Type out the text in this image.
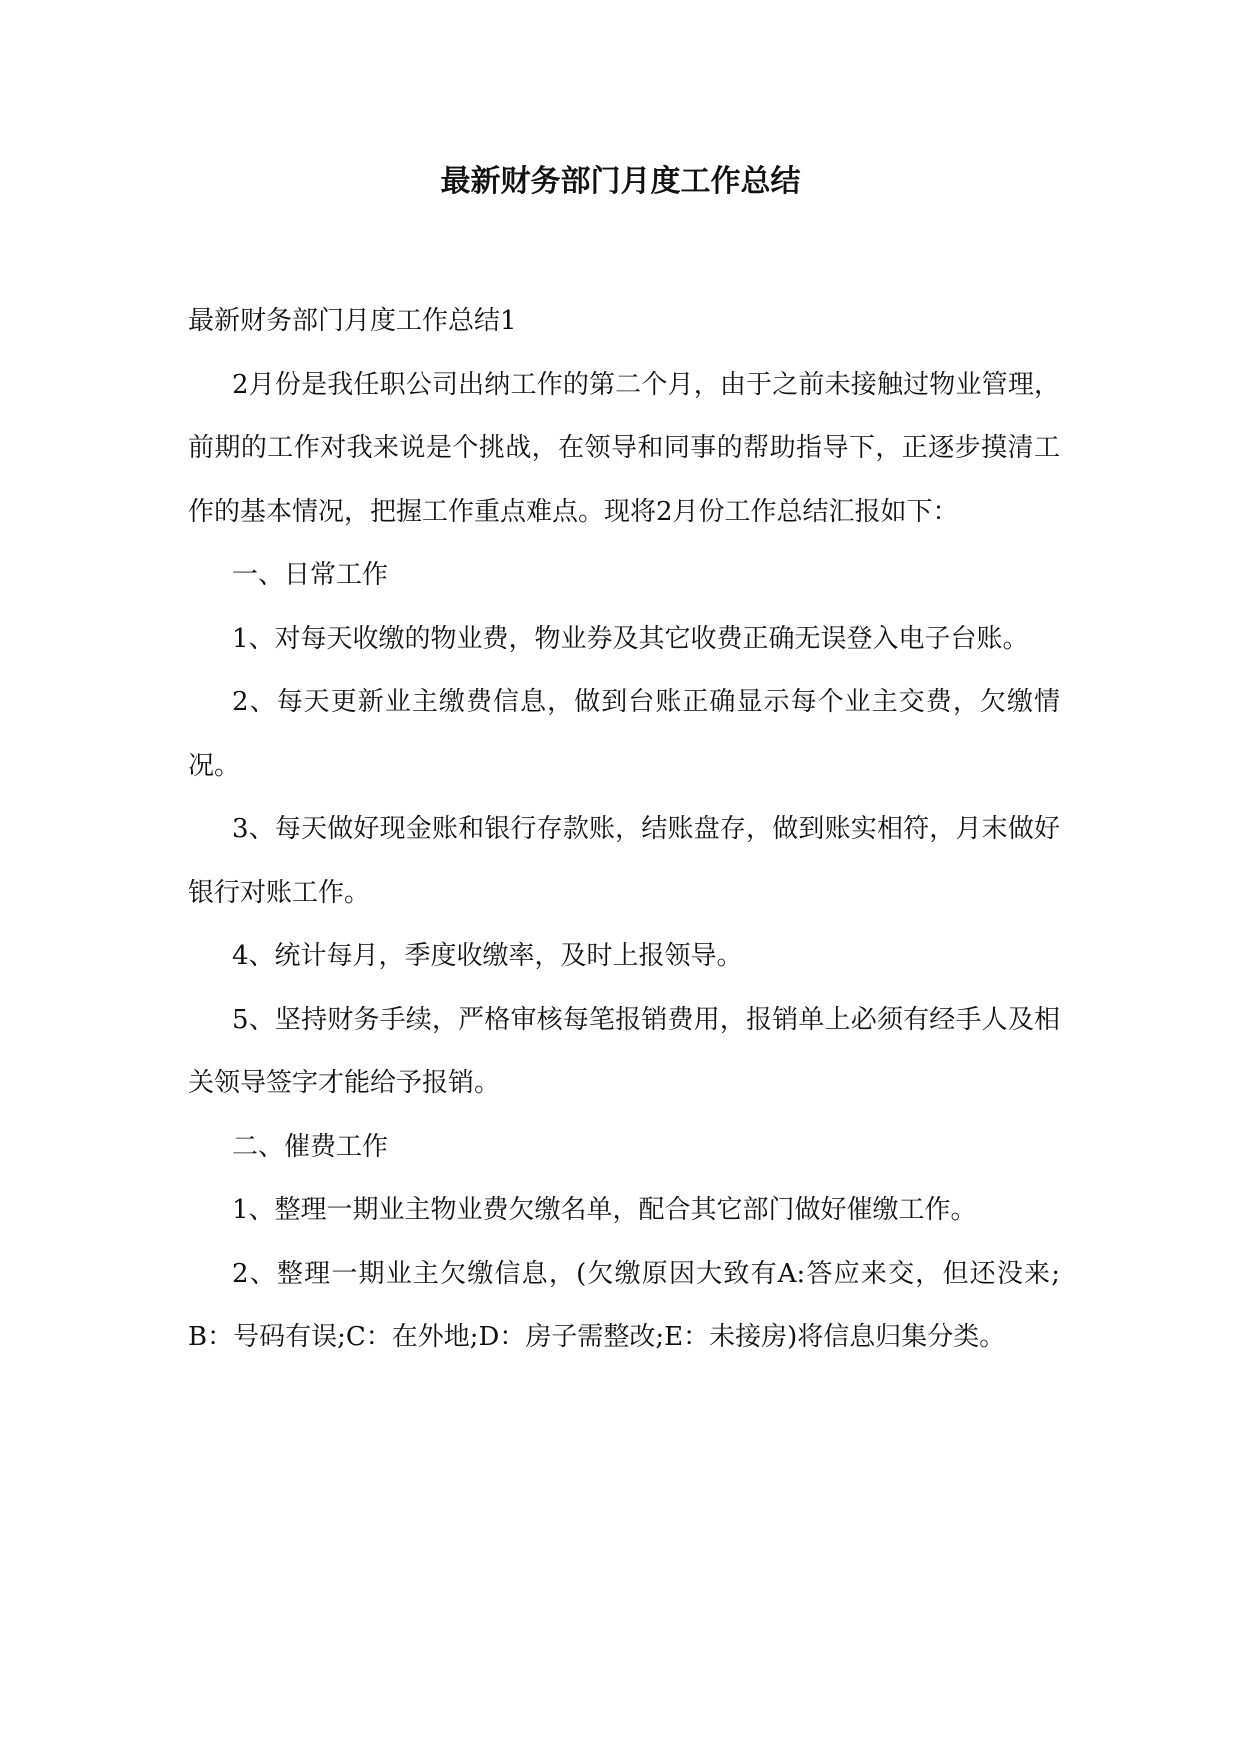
最新财务部门月度工作总结

最新财务部门月度工作总结1

2月份是我任职公司出纳工作的第二个月，由于之前未接触过物业管理，前期的工作对我来说是个挑战，在领导和同事的帮助指导下，正逐步摸清工作的基本情况，把握工作重点难点。现将2月份工作总结汇报如下：

一、日常工作

1、对每天收缴的物业费，物业券及其它收费正确无误登入电子台账。

2、每天更新业主缴费信息，做到台账正确显示每个业主交费，欠缴情况。

3、每天做好现金账和银行存款账，结账盘存，做到账实相符，月末做好银行对账工作。

4、统计每月，季度收缴率，及时上报领导。

5、坚持财务手续，严格审核每笔报销费用，报销单上必须有经手人及相关领导签字才能给予报销。

二、催费工作

1、整理一期业主物业费欠缴名单，配合其它部门做好催缴工作。

2、整理一期业主欠缴信息，(欠缴原因大致有A:答应来交，但还没来;B：号码有误;C：在外地;D：房子需整改;E：未接房)将信息归集分类。
